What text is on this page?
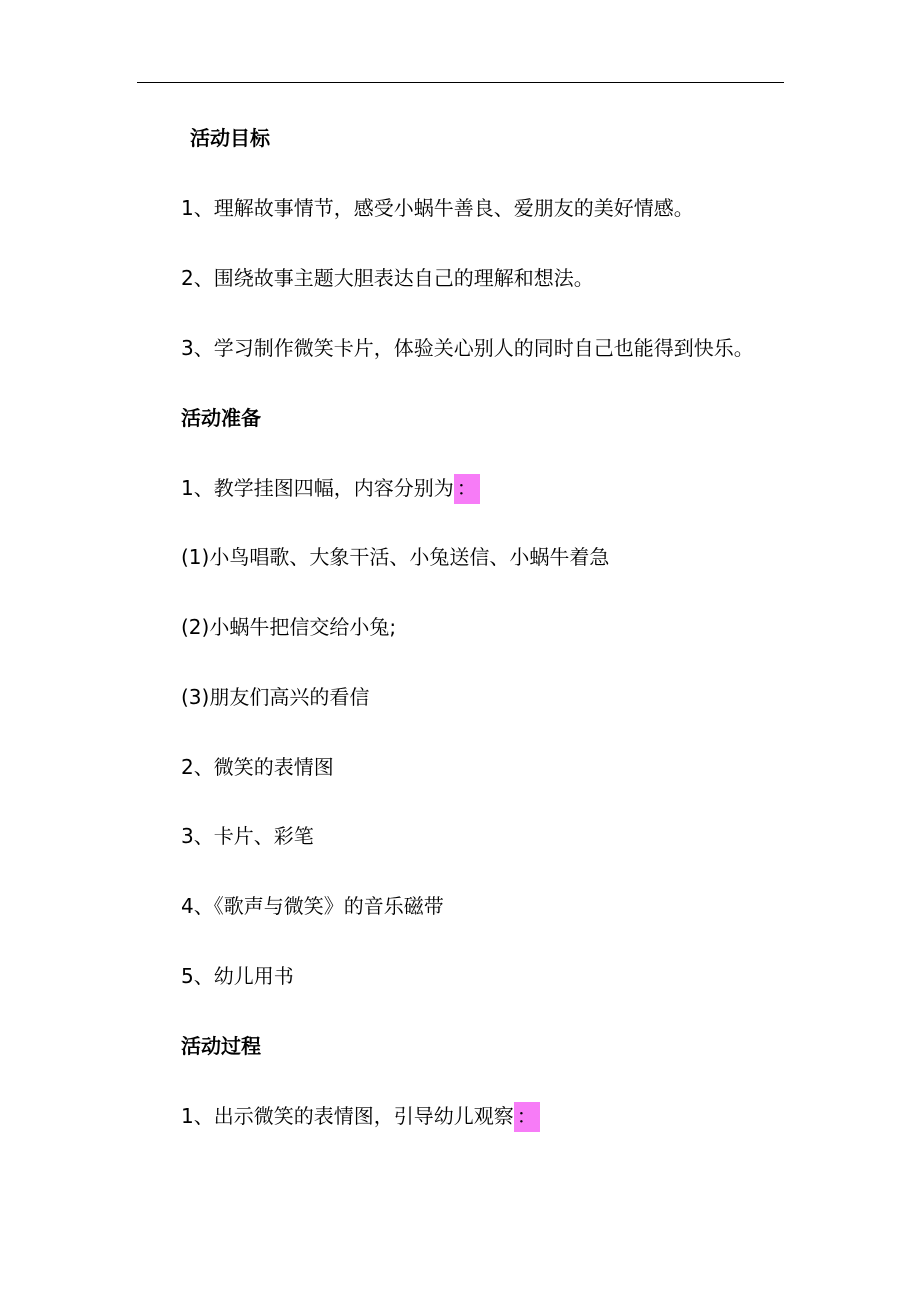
活动目标

1、理解故事情节，感受小蜗牛善良、爱朋友的美好情感。

2、围绕故事主题大胆表达自己的理解和想法。

3、学习制作微笑卡片，体验关心别人的同时自己也能得到快乐。

活动准备

1、教学挂图四幅，内容分别为 ：

(1)小鸟唱歌、大象干活、小兔送信、小蜗牛着急

(2)小蜗牛把信交给小兔;

(3)朋友们高兴的看信

2、微笑的表情图

3、卡片、彩笔

4、《歌声与微笑》的音乐磁带

5、幼儿用书

活动过程

1、出示微笑的表情图，引导幼儿观察 ：
